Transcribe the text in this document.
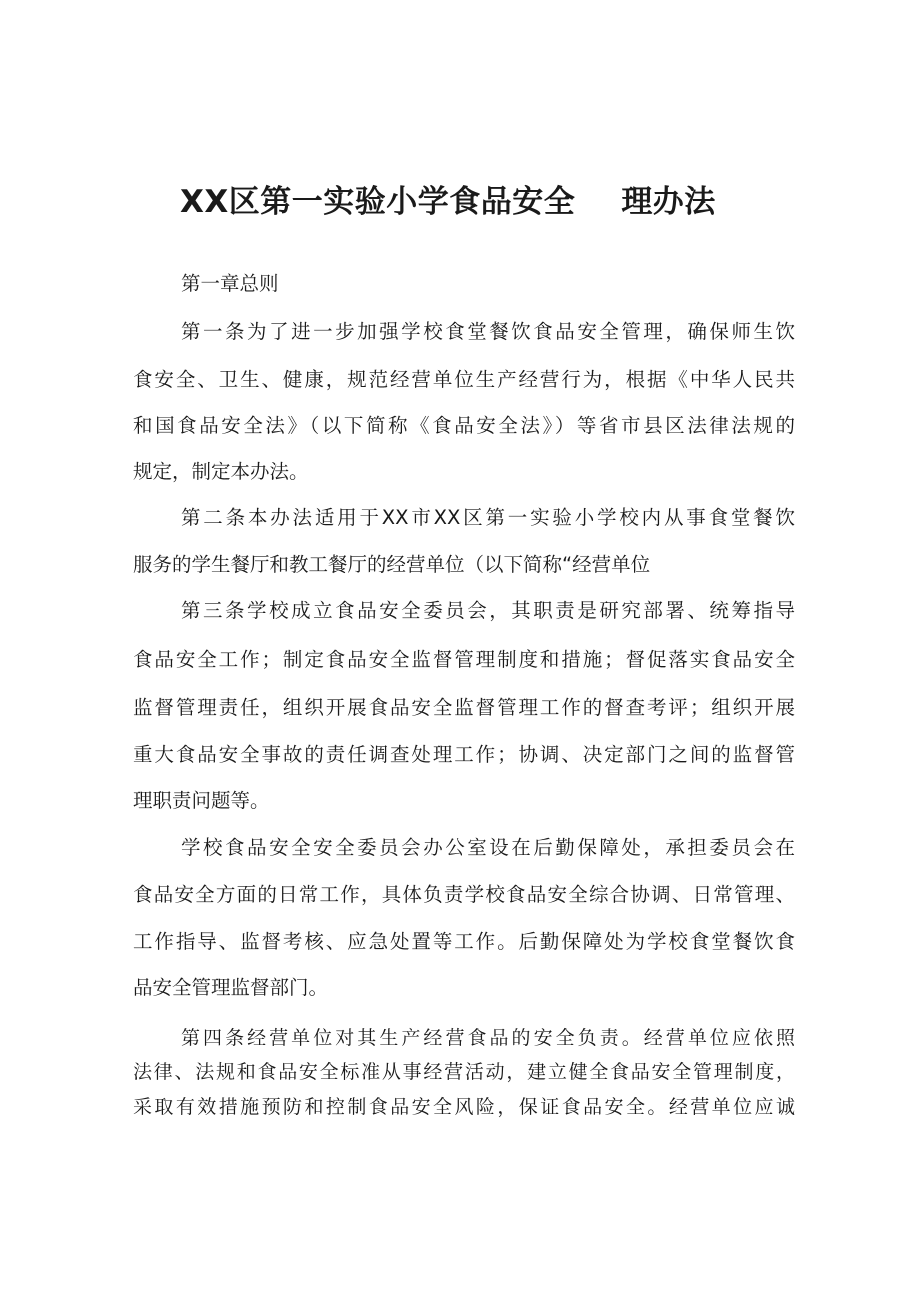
XX区第一实验小学食品安全 理办法

第一章总则

第一条为了进一步加强学校食堂餐饮食品安全管理，确保师生饮

食安全、卫生、健康，规范经营单位生产经营行为，根据《中华人民共

和国食品安全法》（以下简称《食品安全法》）等省市县区法律法规的

规定，制定本办法。

第二条本办法适用于XX市XX区第一实验小学校内从事食堂餐饮

服务的学生餐厅和教工餐厅的经营单位（以下简称“经营单位

第三条学校成立食品安全委员会，其职责是研究部署、统筹指导

食品安全工作；制定食品安全监督管理制度和措施；督促落实食品安全

监督管理责任，组织开展食品安全监督管理工作的督查考评；组织开展

重大食品安全事故的责任调查处理工作；协调、决定部门之间的监督管

理职责问题等。

学校食品安全安全委员会办公室设在后勤保障处，承担委员会在

食品安全方面的日常工作，具体负责学校食品安全综合协调、日常管理、

工作指导、监督考核、应急处置等工作。后勤保障处为学校食堂餐饮食

品安全管理监督部门。

第四条经营单位对其生产经营食品的安全负责。经营单位应依照

法律、法规和食品安全标准从事经营活动，建立健全食品安全管理制度，

采取有效措施预防和控制食品安全风险，保证食品安全。经营单位应诚
